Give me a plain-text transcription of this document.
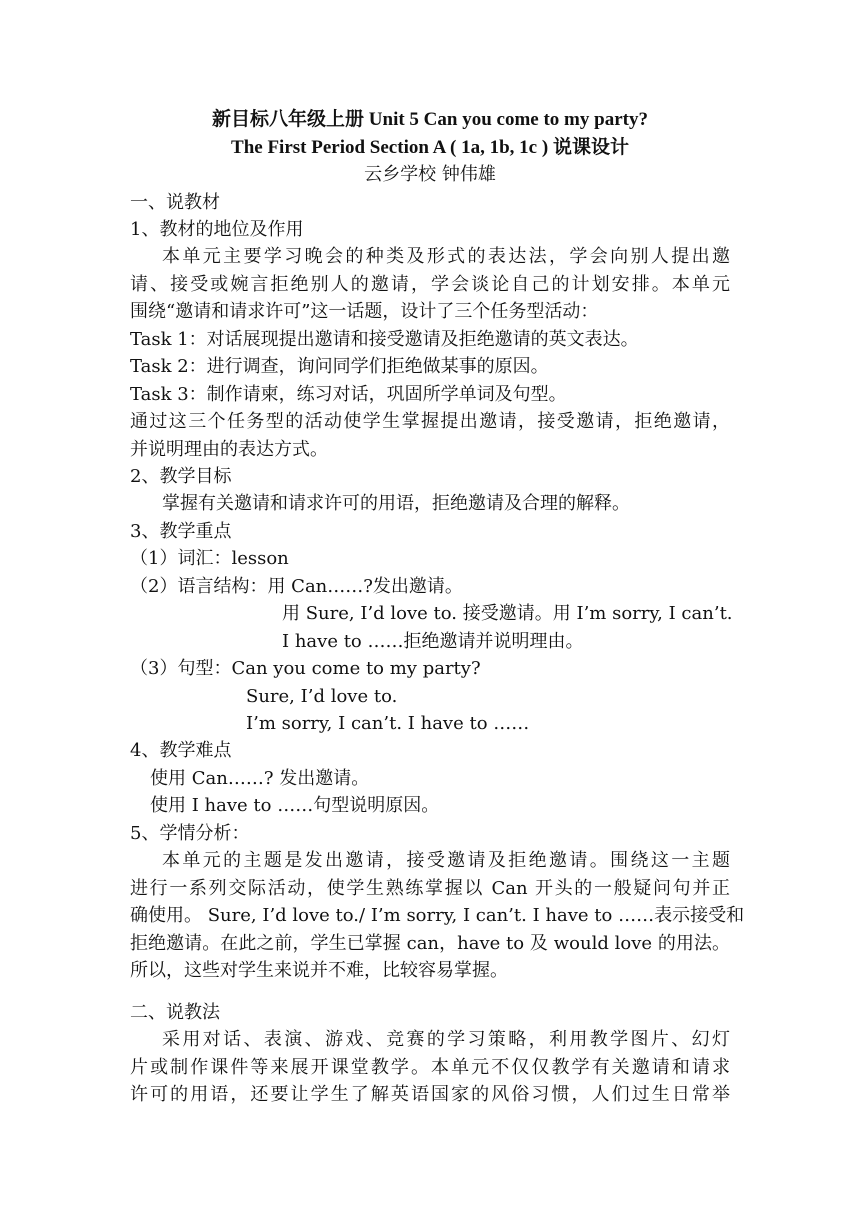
新目标八年级上册 Unit 5 Can you come to my party?
The First Period Section A ( 1a, 1b, 1c ) 说课设计
云乡学校 钟伟雄
一、说教材
1、教材的地位及作用
本单元主要学习晚会的种类及形式的表达法，学会向别人提出邀
请、接受或婉言拒绝别人的邀请，学会谈论自己的计划安排。本单元
围绕“邀请和请求许可”这一话题，设计了三个任务型活动：
Task 1：对话展现提出邀请和接受邀请及拒绝邀请的英文表达。
Task 2：进行调查，询问同学们拒绝做某事的原因。
Task 3：制作请柬，练习对话，巩固所学单词及句型。
通过这三个任务型的活动使学生掌握提出邀请，接受邀请，拒绝邀请，
并说明理由的表达方式。
2、教学目标
掌握有关邀请和请求许可的用语，拒绝邀请及合理的解释。
3、教学重点
（1）词汇：lesson
（2）语言结构：用 Can……?发出邀请。
用 Sure, I’d love to. 接受邀请。用 I’m sorry, I can’t.
I have to ……拒绝邀请并说明理由。
（3）句型：Can you come to my party?
Sure, I’d love to.
I’m sorry, I can’t. I have to ……
4、教学难点
使用 Can……? 发出邀请。
使用 I have to ……句型说明原因。
5、学情分析：
本单元的主题是发出邀请，接受邀请及拒绝邀请。围绕这一主题
进行一系列交际活动，使学生熟练掌握以 Can 开头的一般疑问句并正
确使用。 Sure, I’d love to./ I’m sorry, I can’t. I have to ……表示接受和
拒绝邀请。在此之前，学生已掌握 can，have to 及 would love 的用法。
所以，这些对学生来说并不难，比较容易掌握。
二、说教法
采用对话、表演、游戏、竞赛的学习策略，利用教学图片、幻灯
片或制作课件等来展开课堂教学。本单元不仅仅教学有关邀请和请求
许可的用语，还要让学生了解英语国家的风俗习惯，人们过生日常举
